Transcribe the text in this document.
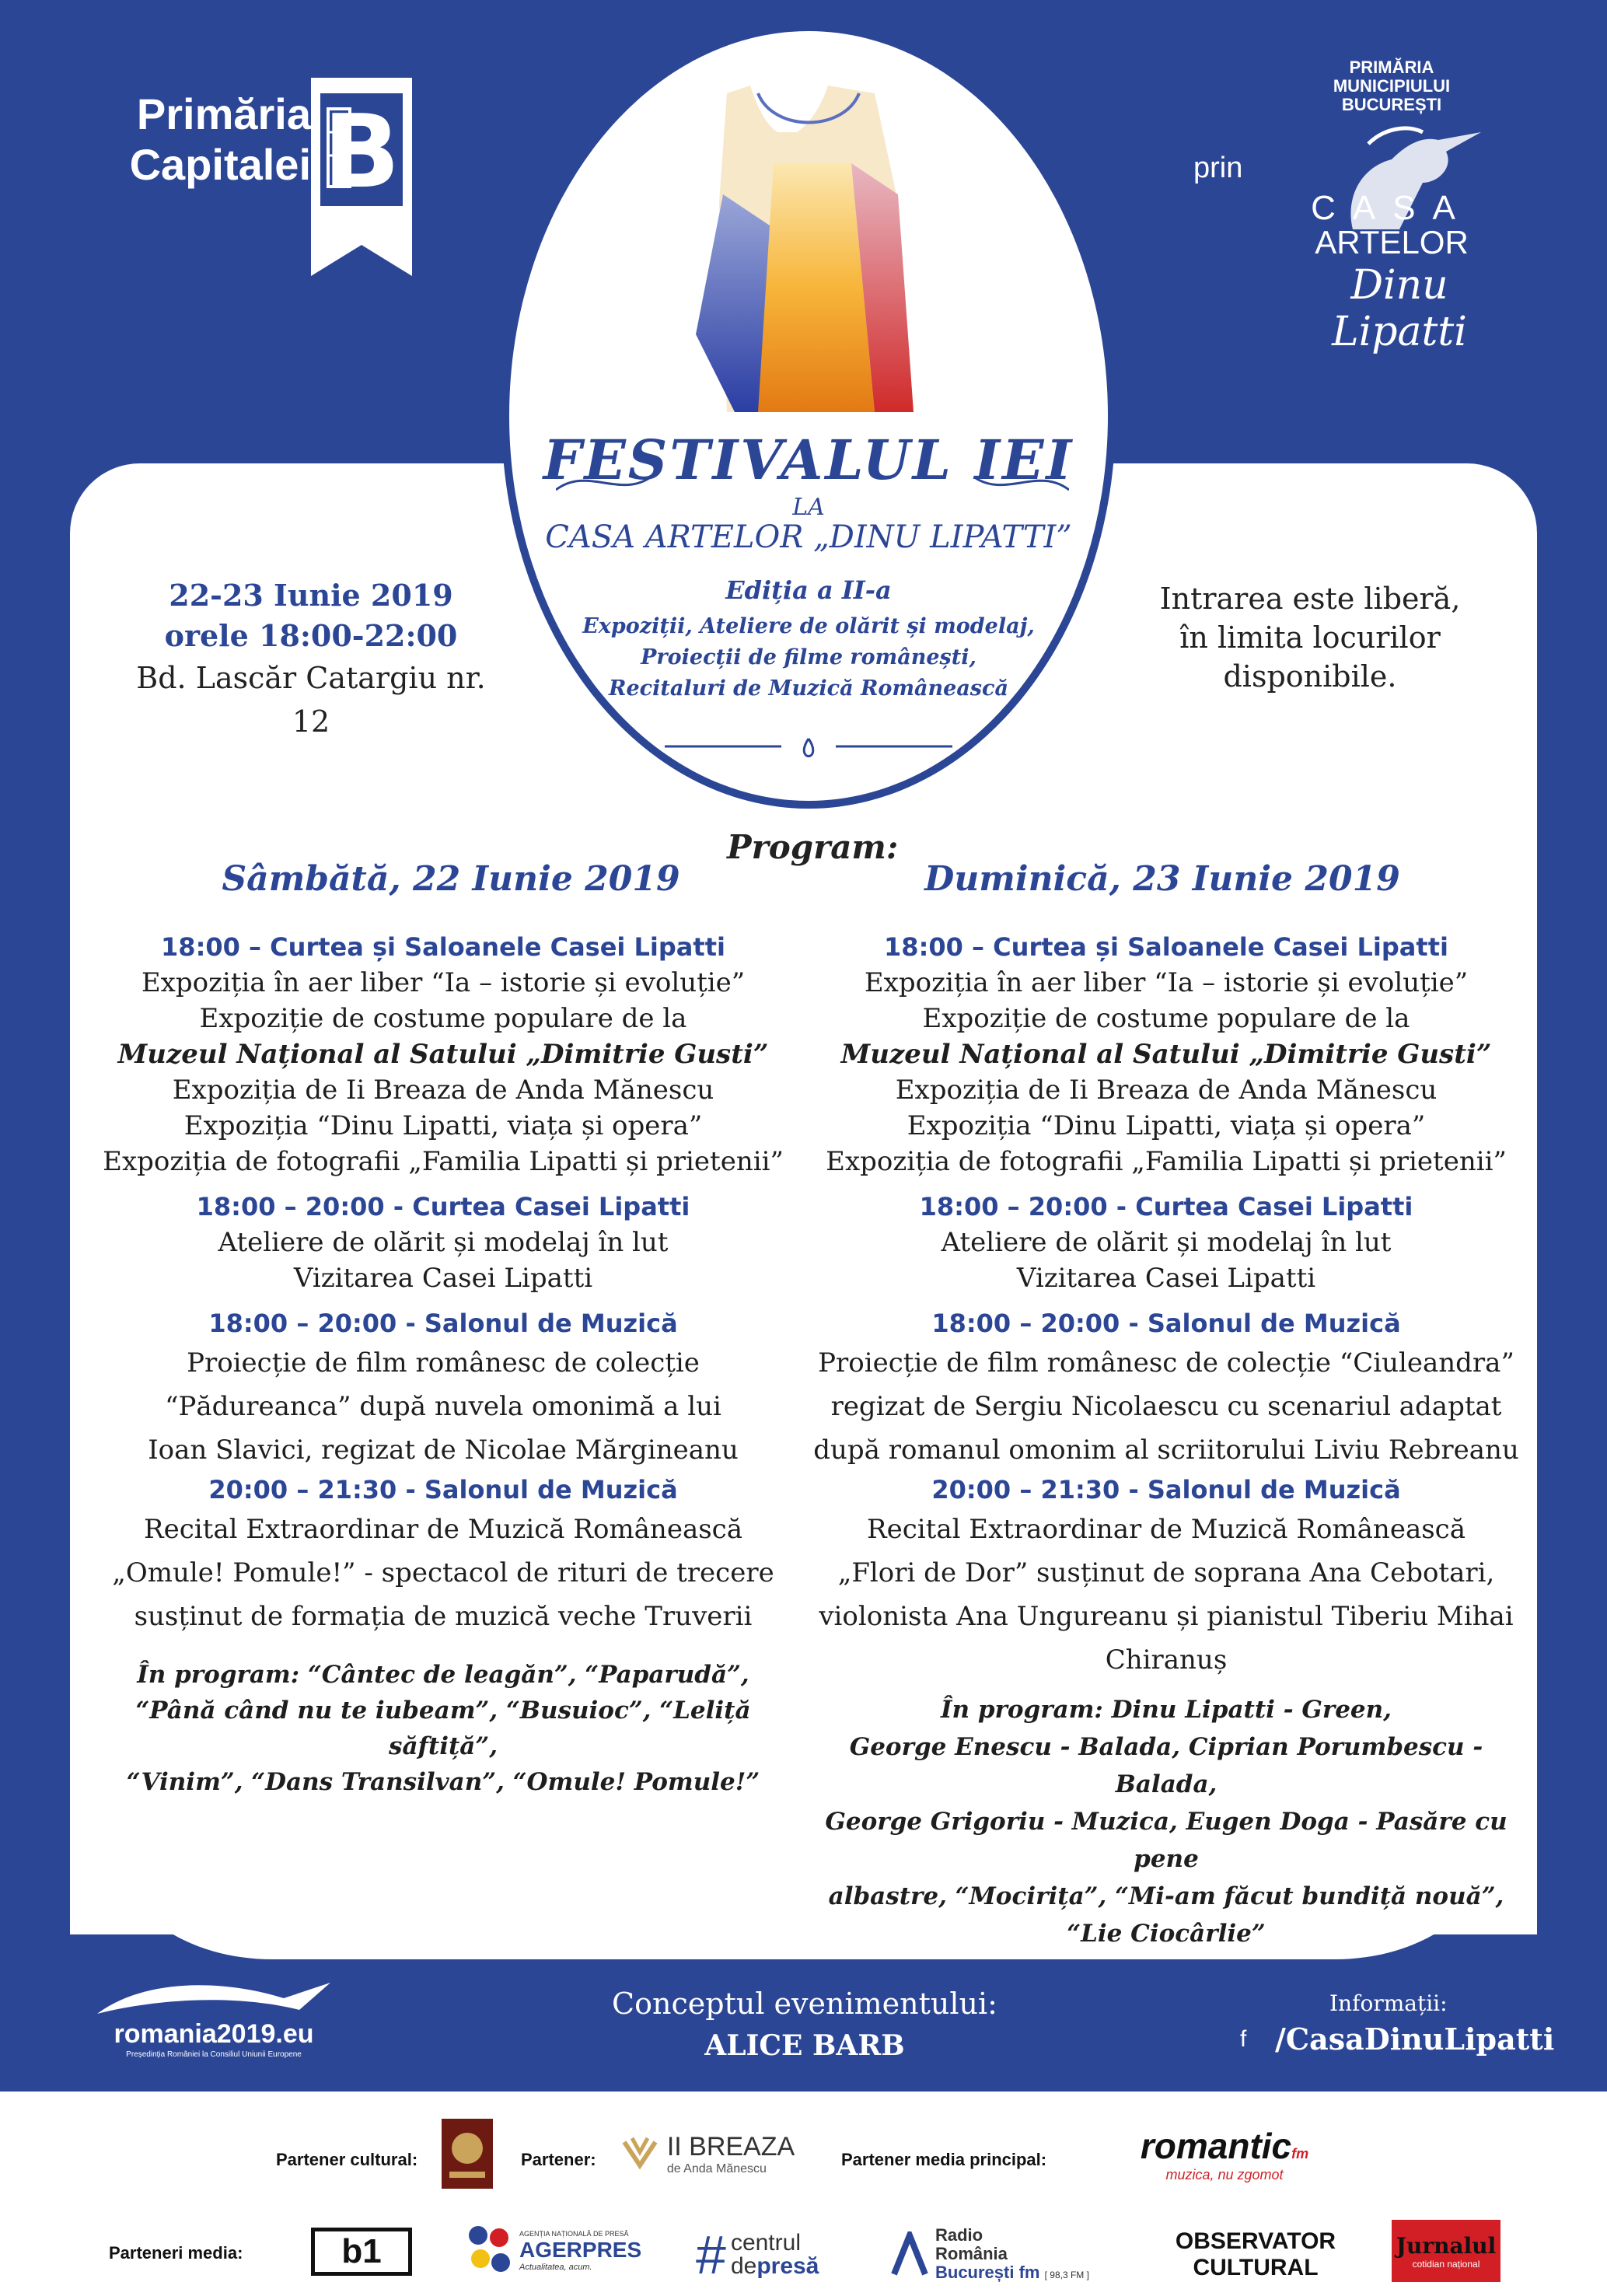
Primăria
Capitalei B	prin
PRIMĂRIA
MUNICIPIULUI
BUCUREȘTI
CASA
ARTELOR
Dinu Lipatti
FESTIVALUL IEI
LA
CASA ARTELOR „DINU LIPATTI”
Ediția a II-a
Expoziții, Ateliere de olărit și modelaj,
Proiecții de filme românești,
Recitaluri de Muzică Românească
22-23 Iunie 2019
orele 18:00-22:00
Bd. Lascăr Catargiu nr. 12
Intrarea este liberă,
în limita locurilor
disponibile.
Program:
Sâmbătă, 22 Iunie 2019	Duminică, 23 Iunie 2019
18:00 – Curtea și Saloanele Casei Lipatti
Expoziția în aer liber “Ia – istorie și evoluție”
Expoziție de costume populare de la
Muzeul Național al Satului „Dimitrie Gusti”
Expoziția de Ii Breaza de Anda Mănescu
Expoziția “Dinu Lipatti, viața și opera”
Expoziția de fotografii „Familia Lipatti și prietenii”
18:00 – 20:00 - Curtea Casei Lipatti
Ateliere de olărit și modelaj în lut
Vizitarea Casei Lipatti
18:00 – 20:00 - Salonul de Muzică
Proiecție de film românesc de colecție
“Pădureanca” după nuvela omonimă a lui
Ioan Slavici, regizat de Nicolae Mărgineanu
20:00 – 21:30 - Salonul de Muzică
Recital Extraordinar de Muzică Românească
„Omule! Pomule!” - spectacol de rituri de trecere
susținut de formația de muzică veche Truverii
În program: “Cântec de leagăn”, “Paparudă”,
“Până când nu te iubeam”, “Busuioc”, “Leliță săftiță”,
“Vinim”, “Dans Transilvan”, “Omule! Pomule!”
18:00 – Curtea și Saloanele Casei Lipatti
Expoziția în aer liber “Ia – istorie și evoluție”
Expoziție de costume populare de la
Muzeul Național al Satului „Dimitrie Gusti”
Expoziția de Ii Breaza de Anda Mănescu
Expoziția “Dinu Lipatti, viața și opera”
Expoziția de fotografii „Familia Lipatti și prietenii”
18:00 – 20:00 - Curtea Casei Lipatti
Ateliere de olărit și modelaj în lut
Vizitarea Casei Lipatti
18:00 – 20:00 - Salonul de Muzică
Proiecție de film românesc de colecție “Ciuleandra”
regizat de Sergiu Nicolaescu cu scenariul adaptat
după romanul omonim al scriitorului Liviu Rebreanu
20:00 – 21:30 - Salonul de Muzică
Recital Extraordinar de Muzică Românească
„Flori de Dor” susținut de soprana Ana Cebotari,
violonista Ana Ungureanu și pianistul Tiberiu Mihai
Chiranuș
În program: Dinu Lipatti - Green,
George Enescu - Balada, Ciprian Porumbescu - Balada,
George Grigoriu - Muzica, Eugen Doga - Pasăre cu pene
albastre, “Mocirița”, “Mi-am făcut bundiță nouă”,
“Lie Ciocârlie”
romania2019.eu
Președinția României la Consiliul Uniunii Europene
Conceptul evenimentului:
ALICE BARB
Informații:
f /CasaDinuLipatti
Partener cultural:	Partener:	II BREAZA
de Anda Mănescu	Partener media principal:	romanticfm
muzica, nu zgomot
Parteneri media:	b1	AGENȚIA NAȚIONALĂ DE PRESĂ
AGERPRES
Actualitatea, acum.	# centrul
depresă
Radio
România
București fm [ 98,3 FM ]
OBSERVATOR
CULTURAL
Jurnalul
cotidian național
